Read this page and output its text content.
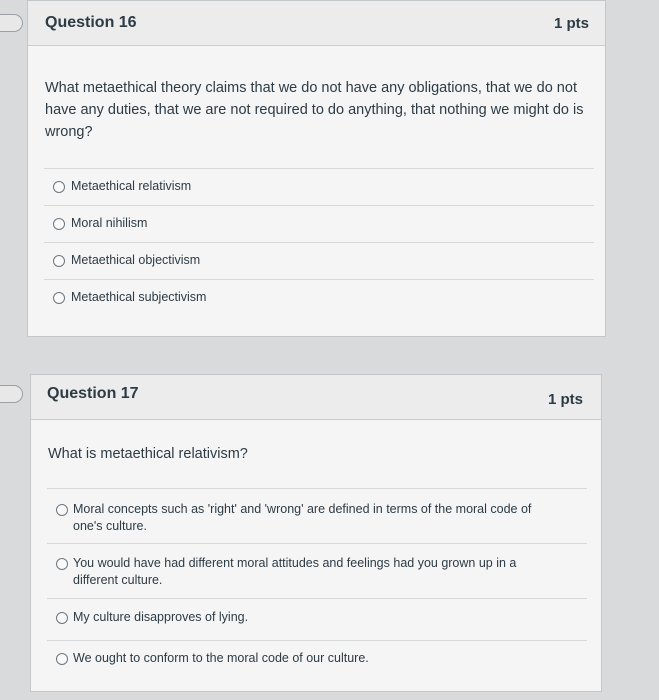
Question 16	1 pts
What metaethical theory claims that we do not have any obligations, that we do not have any duties, that we are not required to do anything, that nothing we might do is wrong?
Metaethical relativism
Moral nihilism
Metaethical objectivism
Metaethical subjectivism
Question 17	1 pts
What is metaethical relativism?
Moral concepts such as 'right' and 'wrong' are defined in terms of the moral code of one's culture.
You would have had different moral attitudes and feelings had you grown up in a different culture.
My culture disapproves of lying.
We ought to conform to the moral code of our culture.
